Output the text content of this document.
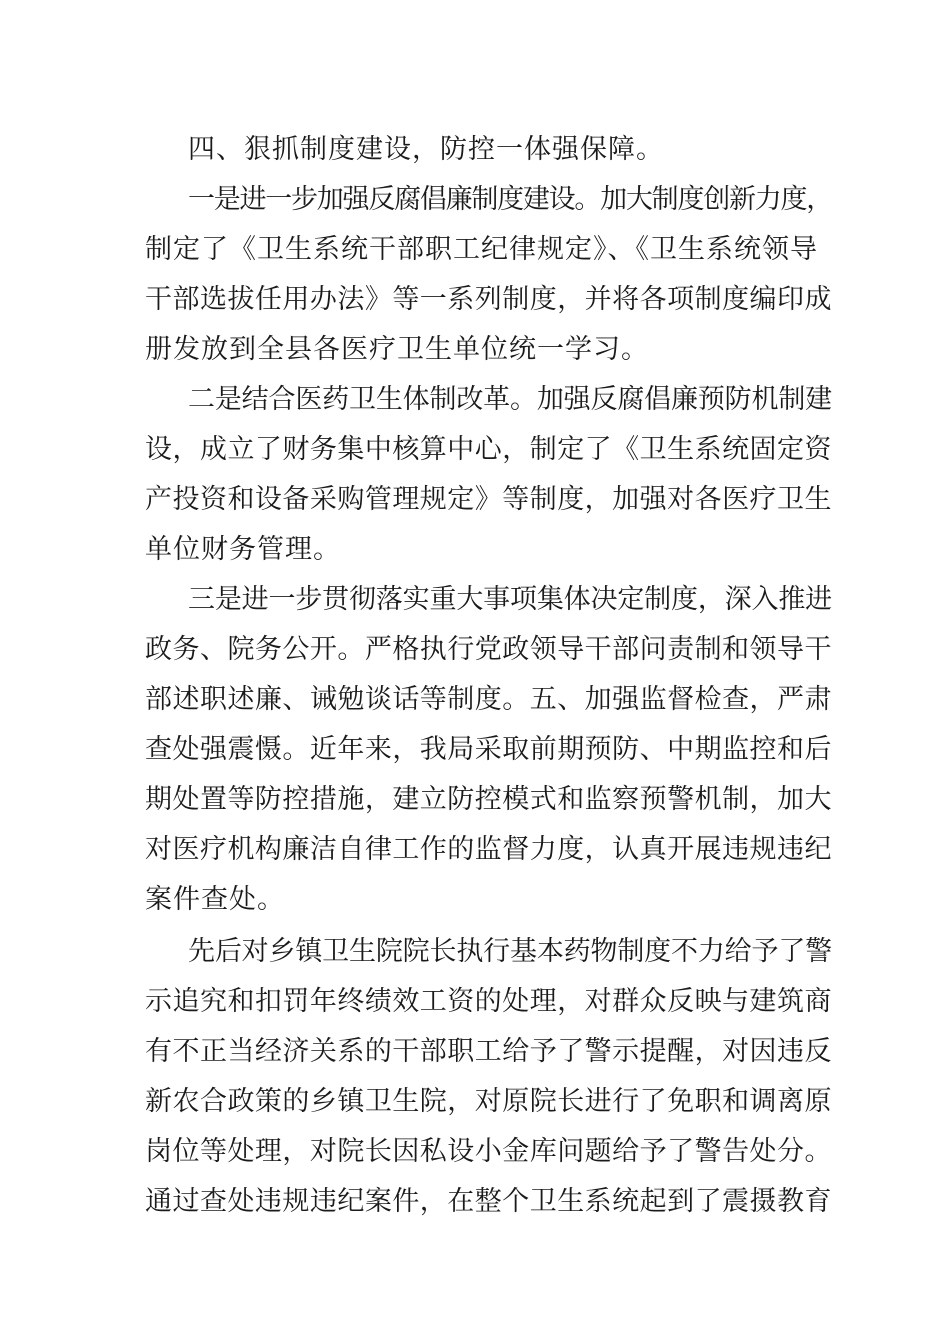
四、狠抓制度建设，防控一体强保障。
一是进一步加强反腐倡廉制度建设。加大制度创新力度，
制定了《卫生系统干部职工纪律规定》、《卫生系统领导
干部选拔任用办法》等一系列制度，并将各项制度编印成
册发放到全县各医疗卫生单位统一学习。
二是结合医药卫生体制改革。加强反腐倡廉预防机制建
设，成立了财务集中核算中心，制定了《卫生系统固定资
产投资和设备采购管理规定》等制度，加强对各医疗卫生
单位财务管理。
三是进一步贯彻落实重大事项集体决定制度，深入推进
政务、院务公开。严格执行党政领导干部问责制和领导干
部述职述廉、诫勉谈话等制度。五、加强监督检查，严肃
查处强震慑。近年来，我局采取前期预防、中期监控和后
期处置等防控措施，建立防控模式和监察预警机制，加大
对医疗机构廉洁自律工作的监督力度，认真开展违规违纪
案件查处。
先后对乡镇卫生院院长执行基本药物制度不力给予了警
示追究和扣罚年终绩效工资的处理，对群众反映与建筑商
有不正当经济关系的干部职工给予了警示提醒，对因违反
新农合政策的乡镇卫生院，对原院长进行了免职和调离原
岗位等处理，对院长因私设小金库问题给予了警告处分。
通过查处违规违纪案件，在整个卫生系统起到了震摄教育
